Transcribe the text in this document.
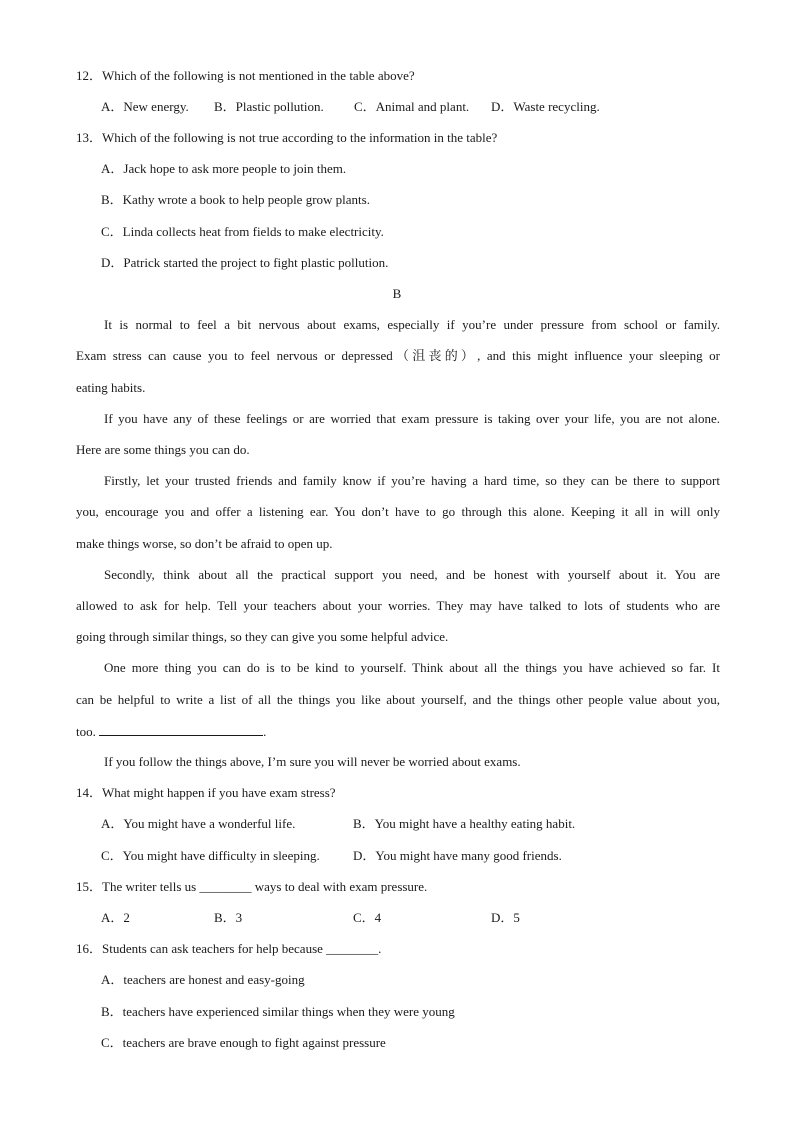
12．Which of the following is not mentioned in the table above?
A．New energy. B．Plastic pollution. C．Animal and plant. D．Waste recycling.
13．Which of the following is not true according to the information in the table?
A．Jack hope to ask more people to join them.
B．Kathy wrote a book to help people grow plants.
C．Linda collects heat from fields to make electricity.
D．Patrick started the project to fight plastic pollution.
B
It is normal to feel a bit nervous about exams, especially if you’re under pressure from school or family.
Exam stress can cause you to feel nervous or depressed（沮丧的）, and this might influence your sleeping or
eating habits.
If you have any of these feelings or are worried that exam pressure is taking over your life, you are not alone.
Here are some things you can do.
Firstly, let your trusted friends and family know if you’re having a hard time, so they can be there to support
you, encourage you and offer a listening ear. You don’t have to go through this alone. Keeping it all in will only
make things worse, so don’t be afraid to open up.
Secondly, think about all the practical support you need, and be honest with yourself about it. You are
allowed to ask for help. Tell your teachers about your worries. They may have talked to lots of students who are
going through similar things, so they can give you some helpful advice.
One more thing you can do is to be kind to yourself. Think about all the things you have achieved so far. It
can be helpful to write a list of all the things you like about yourself, and the things other people value about you,
too.	.
If you follow the things above, I’m sure you will never be worried about exams.
14．What might happen if you have exam stress?
A．You might have a wonderful life.	B．You might have a healthy eating habit.
C．You might have difficulty in sleeping.	D．You might have many good friends.
15．The writer tells us ________ ways to deal with exam pressure.
A．2	B．3	C．4	D．5
16．Students can ask teachers for help because ________.
A．teachers are honest and easy-going
B．teachers have experienced similar things when they were young
C．teachers are brave enough to fight against pressure
